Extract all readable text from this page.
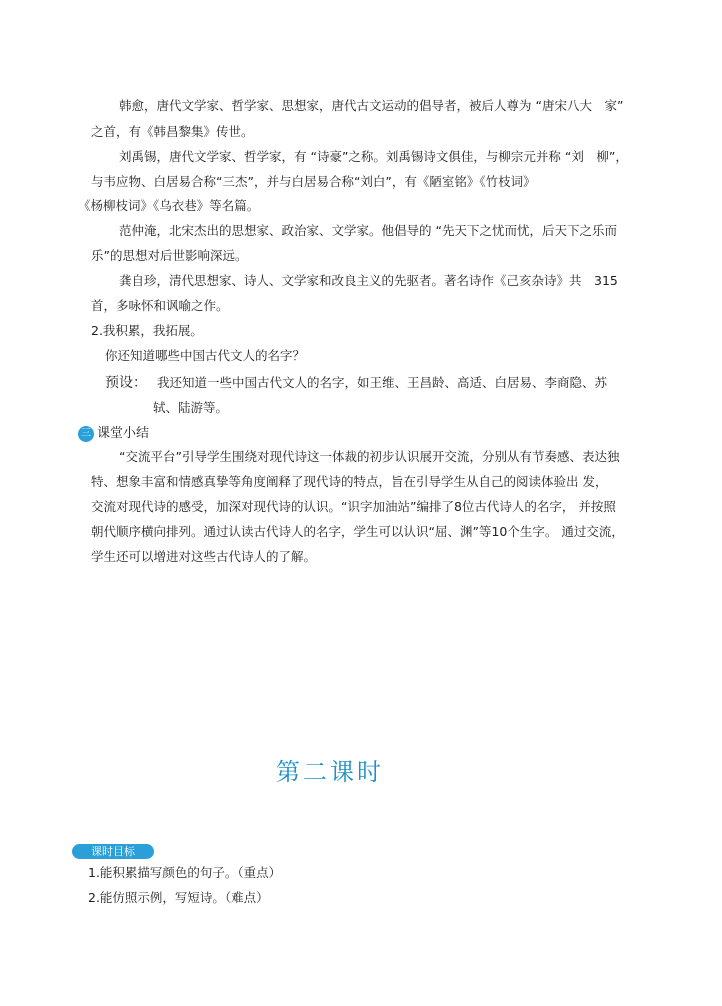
韩愈，唐代文学家、哲学家、思想家，唐代古文运动的倡导者，被后人尊为 “唐宋八大　家”
之首，有《韩昌黎集》传世。
刘禹锡，唐代文学家、哲学家，有 “诗豪”之称。刘禹锡诗文俱佳，与柳宗元并称 “刘　柳”，
与韦应物、白居易合称“三杰”，并与白居易合称“刘白”，有《陋室铭》《竹枝词》
《杨柳枝词》《乌衣巷》等名篇。
范仲淹，北宋杰出的思想家、政治家、文学家。他倡导的 “先天下之忧而忧，后天下之乐而
乐”的思想对后世影响深远。
龚自珍，清代思想家、诗人、文学家和改良主义的先驱者。著名诗作《己亥杂诗》共　315
首，多咏怀和讽喻之作。
2.我积累，我拓展。
你还知道哪些中国古代文人的名字？
预设： 我还知道一些中国古代文人的名字，如王维、王昌龄、高适、白居易、李商隐、苏
轼、陆游等。
三 课堂小结
“交流平台”引导学生围绕对现代诗这一体裁的初步认识展开交流，分别从有节奏感、表达独
特、想象丰富和情感真挚等角度阐释了现代诗的特点，旨在引导学生从自己的阅读体验出 发，
交流对现代诗的感受，加深对现代诗的认识。“识字加油站”编排了8位古代诗人的名字， 并按照
朝代顺序横向排列。通过认读古代诗人的名字，学生可以认识“屈、渊”等10个生字。 通过交流，
学生还可以增进对这些古代诗人的了解。
第二课时
课时目标
1.能积累描写颜色的句子。（重点）
2.能仿照示例，写短诗。（难点）
